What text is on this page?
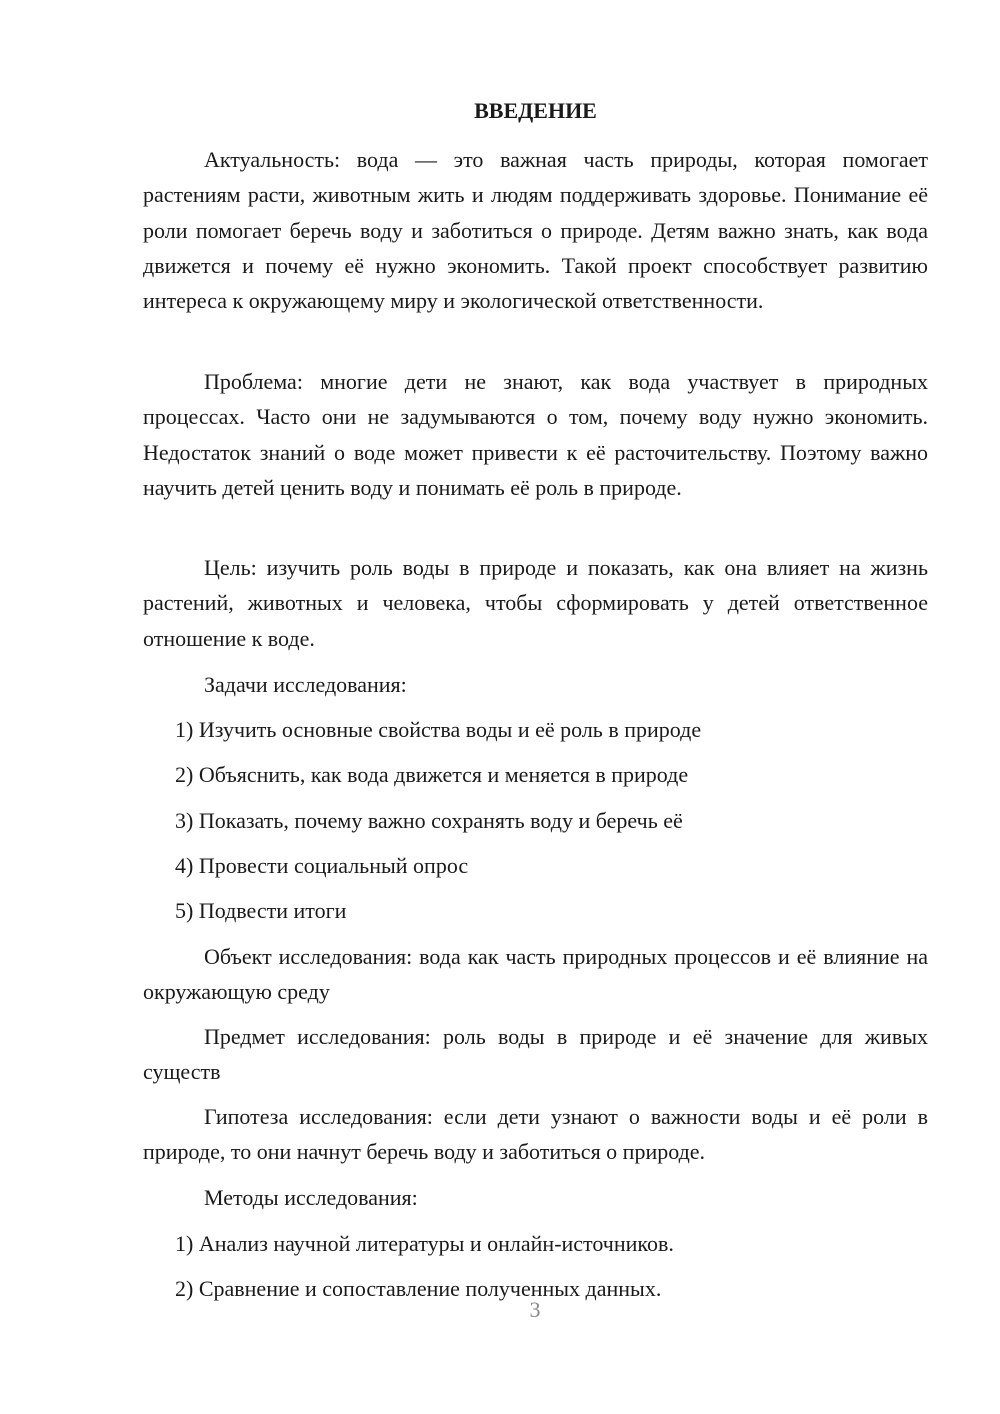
ВВЕДЕНИЕ

Актуальность: вода — это важная часть природы, которая помогает растениям расти, животным жить и людям поддерживать здоровье. Понимание её роли помогает беречь воду и заботиться о природе. Детям важно знать, как вода движется и почему её нужно экономить. Такой проект способствует развитию интереса к окружающему миру и экологической ответственности.

Проблема: многие дети не знают, как вода участвует в природных процессах. Часто они не задумываются о том, почему воду нужно экономить. Недостаток знаний о воде может привести к её расточительству. Поэтому важно научить детей ценить воду и понимать её роль в природе.

Цель: изучить роль воды в природе и показать, как она влияет на жизнь растений, животных и человека, чтобы сформировать у детей ответственное отношение к воде.

Задачи исследования:

1) Изучить основные свойства воды и её роль в природе

2) Объяснить, как вода движется и меняется в природе

3) Показать, почему важно сохранять воду и беречь её

4) Провести социальный опрос

5) Подвести итоги

Объект исследования: вода как часть природных процессов и её влияние на окружающую среду

Предмет исследования: роль воды в природе и её значение для живых существ

Гипотеза исследования: если дети узнают о важности воды и её роли в природе, то они начнут беречь воду и заботиться о природе.

Методы исследования:

1) Анализ научной литературы и онлайн-источников.

2) Сравнение и сопоставление полученных данных.

3
